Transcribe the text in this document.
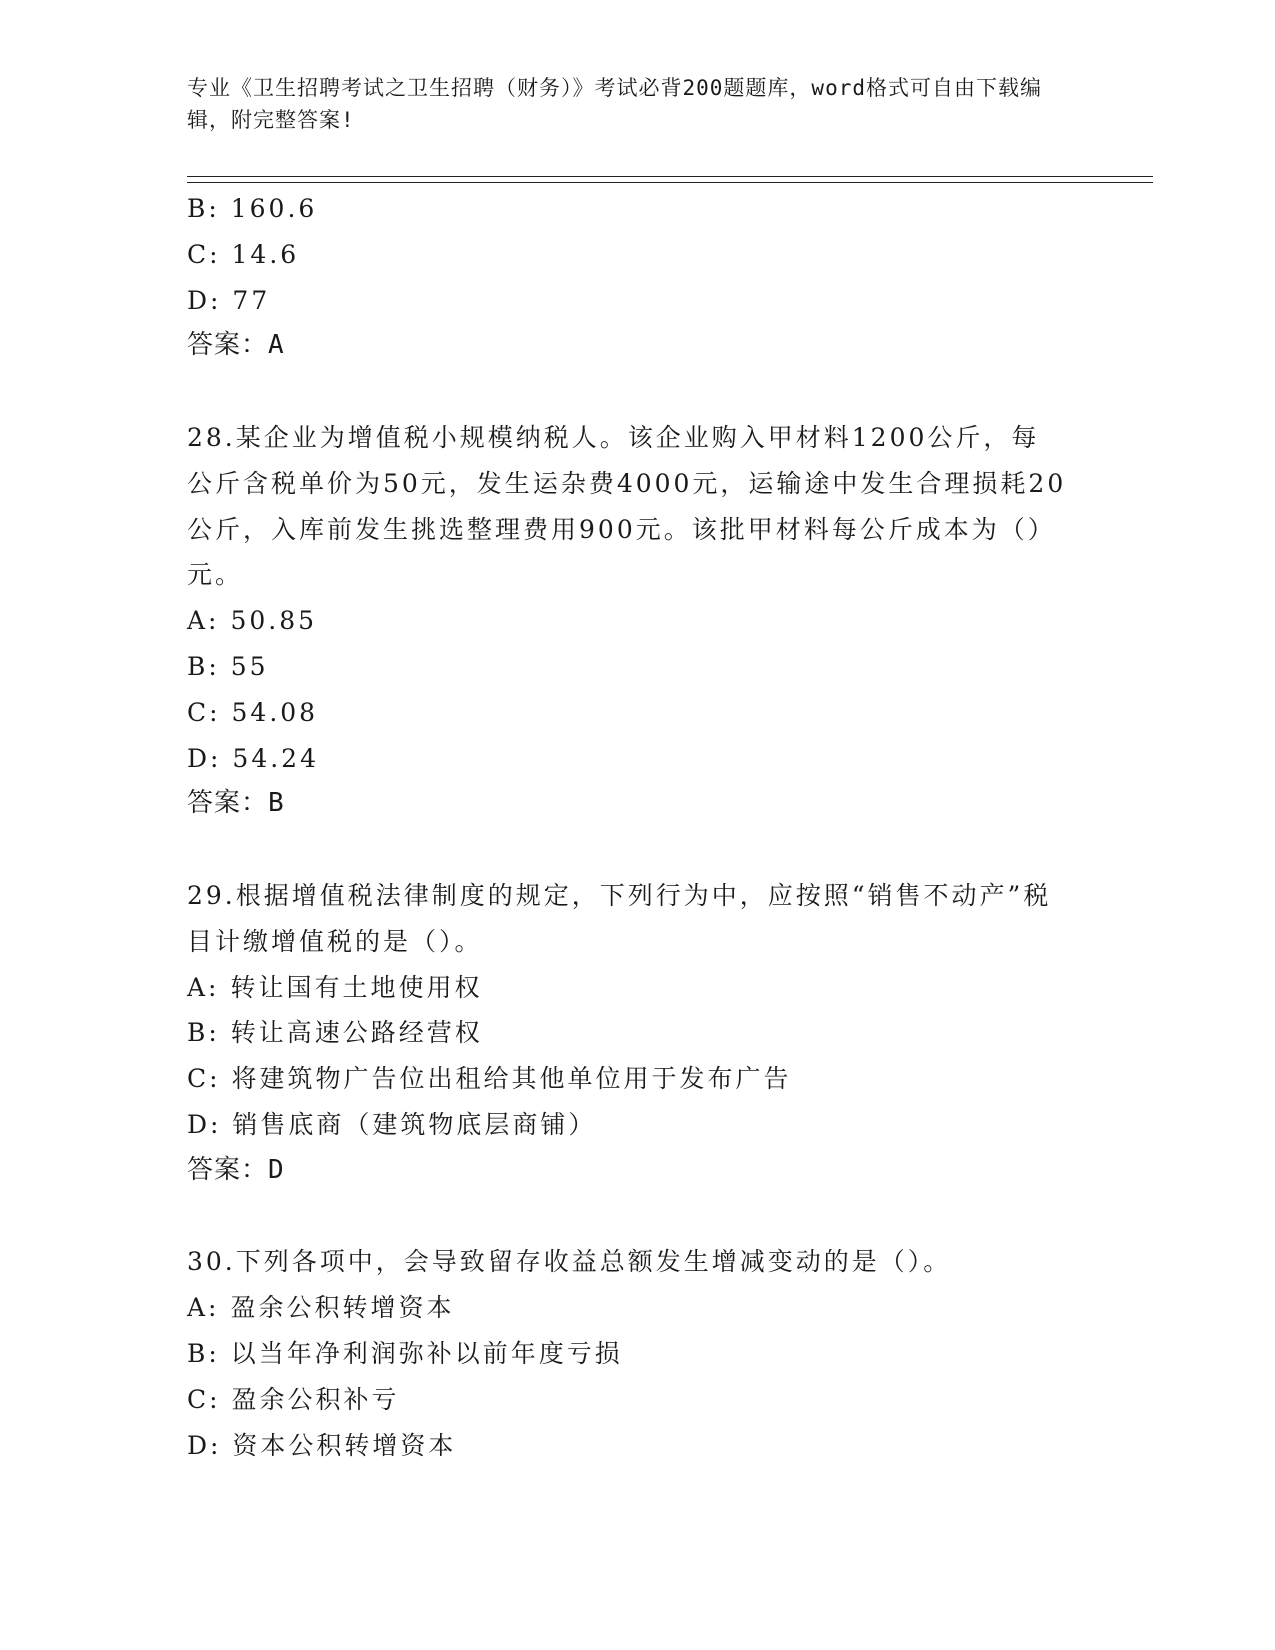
专业《卫生招聘考试之卫生招聘（财务）》考试必背200题题库，word格式可自由下载编辑，附完整答案!
B: 160.6
C: 14.6
D: 77
答案：A
28.某企业为增值税小规模纳税人。该企业购入甲材料1200公斤，每公斤含税单价为50元，发生运杂费4000元，运输途中发生合理损耗20公斤，入库前发生挑选整理费用900元。该批甲材料每公斤成本为（）元。
A: 50.85
B: 55
C: 54.08
D: 54.24
答案：B
29.根据增值税法律制度的规定，下列行为中，应按照“销售不动产”税目计缴增值税的是（）。
A: 转让国有土地使用权
B: 转让高速公路经营权
C: 将建筑物广告位出租给其他单位用于发布广告
D: 销售底商（建筑物底层商铺）
答案：D
30.下列各项中，会导致留存收益总额发生增减变动的是（）。
A: 盈余公积转增资本
B: 以当年净利润弥补以前年度亏损
C: 盈余公积补亏
D: 资本公积转增资本
